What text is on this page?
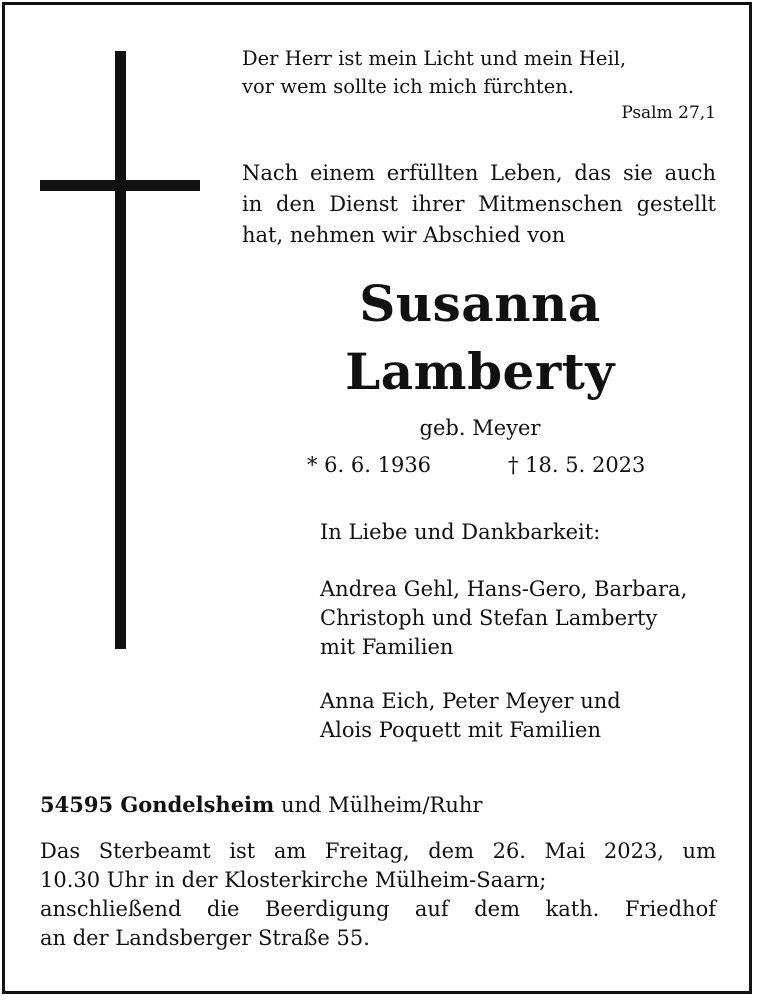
Der Herr ist mein Licht und mein Heil,
vor wem sollte ich mich fürchten.
Psalm 27,1
Nach einem erfüllten Leben, das sie auch
in den Dienst ihrer Mitmenschen gestellt
hat, nehmen wir Abschied von
Susanna
Lamberty
geb. Meyer
* 6. 6. 1936	† 18. 5. 2023
In Liebe und Dankbarkeit:
Andrea Gehl, Hans-Gero, Barbara,
Christoph und Stefan Lamberty
mit Familien
Anna Eich, Peter Meyer und
Alois Poquett mit Familien
54595 Gondelsheim und Mülheim/Ruhr
Das Sterbeamt ist am Freitag, dem 26. Mai 2023, um
10.30 Uhr in der Klosterkirche Mülheim-Saarn;
anschließend die Beerdigung auf dem kath. Friedhof
an der Landsberger Straße 55.
